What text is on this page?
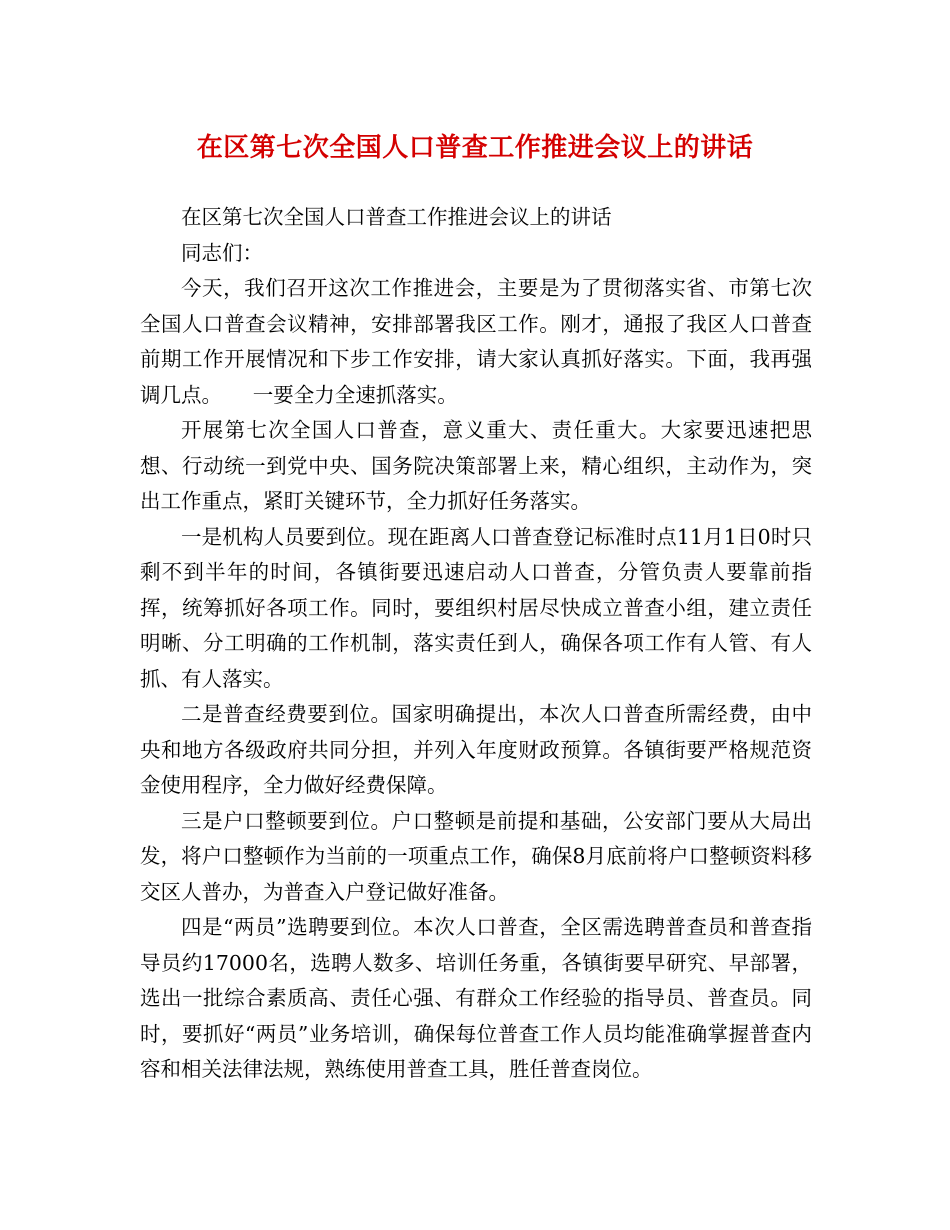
在区第七次全国人口普查工作推进会议上的讲话

在区第七次全国人口普查工作推进会议上的讲话

同志们：

今天，我们召开这次工作推进会，主要是为了贯彻落实省、市第七次全国人口普查会议精神，安排部署我区工作。刚才，通报了我区人口普查前期工作开展情况和下步工作安排，请大家认真抓好落实。下面，我再强调几点。　　一要全力全速抓落实。

开展第七次全国人口普查，意义重大、责任重大。大家要迅速把思想、行动统一到党中央、国务院决策部署上来，精心组织，主动作为，突出工作重点，紧盯关键环节，全力抓好任务落实。

一是机构人员要到位。现在距离人口普查登记标准时点11月1日0时只剩不到半年的时间，各镇街要迅速启动人口普查，分管负责人要靠前指挥，统筹抓好各项工作。同时，要组织村居尽快成立普查小组，建立责任明晰、分工明确的工作机制，落实责任到人，确保各项工作有人管、有人抓、有人落实。

二是普查经费要到位。国家明确提出，本次人口普查所需经费，由中央和地方各级政府共同分担，并列入年度财政预算。各镇街要严格规范资金使用程序，全力做好经费保障。

三是户口整顿要到位。户口整顿是前提和基础，公安部门要从大局出发，将户口整顿作为当前的一项重点工作，确保8月底前将户口整顿资料移交区人普办，为普查入户登记做好准备。

四是“两员”选聘要到位。本次人口普查，全区需选聘普查员和普查指导员约17000名，选聘人数多、培训任务重，各镇街要早研究、早部署，选出一批综合素质高、责任心强、有群众工作经验的指导员、普查员。同时，要抓好“两员”业务培训，确保每位普查工作人员均能准确掌握普查内容和相关法律法规，熟练使用普查工具，胜任普查岗位。
